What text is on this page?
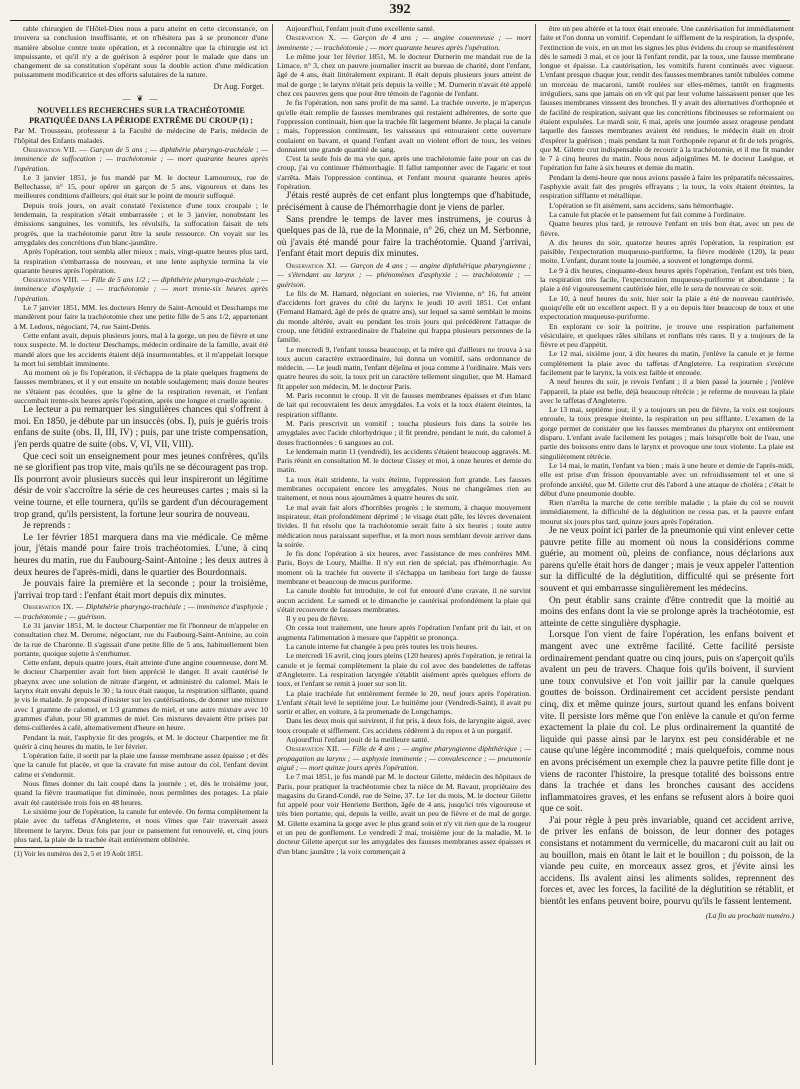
392

rable chirurgien de l'Hôtel-Dieu nous a paru atteint en cette circonstance, on trouvera sa conclusion insuffisante, et on n'hésitera pas à se prononcer d'une manière absolue contre toute opération, et à reconnaître que la chirurgie est ici impuissante, et qu'il n'y a de guérison à espérer pour le malade que dans un changement de sa constitution s'opérant sous la double action d'une médication puissamment modificatrice et des efforts salutaires de la nature.

Dr Aug. Forget.

— ❦ —
NOUVELLES RECHERCHES SUR LA TRACHÉOTOMIE PRATIQUÉE DANS LA PÉRIODE EXTRÊME DU CROUP (1) ;

Par M. Trousseau, professeur à la Faculté de médecine de Paris, médecin de l'hôpital des Enfants malades.

Observation VII. — Garçon de 5 ans ; — diphthérie pharyngo-trachéale ; — imminence de suffocation ; — trachéotomie ; — mort quarante heures après l'opération.

Le 3 janvier 1851, je fus mandé par M. le docteur Lamouroux, rue de Bellechasse, n° 15, pour opérer un garçon de 5 ans, vigoureux et dans les meilleures conditions d'ailleurs, qui était sur le point de mourir suffoqué.

Depuis trois jours, on avait constaté l'existence d'une toux croupale ; le lendemain, la respiration s'était embarrassée ; et le 3 janvier, nonobstant les émissions sanguines, les vomitifs, les révulsifs, la suffocation faisait de tels progrès, que la trachéotomie parut être la seule ressource. On voyait sur les amygdales des concrétions d'un blanc-jaunâtre.

Après l'opération, tout sembla aller mieux ; mais, vingt-quatre heures plus tard, la respiration s'embarrassa de nouveau, et une lente asphyxie termina la vie quarante heures après l'opération.

Observation VIII. — Fille de 5 ans 1/2 ; — diphthérie pharyngo-trachéale ; — imminence d'asphyxie ; — trachéotomie ; — mort trente-six heures après l'opération.

Le 7 janvier 1851, MM. les docteurs Henry de Saint-Arnould et Deschamps me mandèrent pour faire la trachéotomie chez une petite fille de 5 ans 1/2, appartenant à M. Ledoux, négociant, 74, rue Saint-Denis.

Cette enfant avait, depuis plusieurs jours, mal à la gorge, un peu de fièvre et une toux suspecte. M. le docteur Deschamps, médecin ordinaire de la famille, avait été mandé alors que les accidents étaient déjà insurmontables, et il m'appelait lorsque la mort lui semblait imminente.

Au moment où je fis l'opération, il s'échappa de la plaie quelques fragmens de fausses membranes, et il y eut ensuite un notable soulagement; mais douze heures ne s'étaient pas écoulées, que la gêne de la respiration revenait, et l'enfant succombait trente-six heures après l'opération, après une longue et cruelle agonie.

Le lecteur a pu remarquer les singulières chances qui s'offrent à moi. En 1850, je débute par un insuccès (obs. I), puis je guéris trois enfans de suite (obs. II, III, IV) ; puis, par une triste compensation, j'en perds quatre de suite (obs. V, VI, VII, VIII).

Que ceci soit un enseignement pour mes jeunes confrères, qu'ils ne se glorifient pas trop vite, mais qu'ils ne se découragent pas trop. Ils pourront avoir plusieurs succès qui leur inspireront un légitime désir de voir s'accroître la série de ces heureuses cartes ; mais si la veine tourne, et elle tournera, qu'ils se gardent d'un découragement trop grand, qu'ils persistent, la fortune leur sourira de nouveau.

Je reprends :

Le 1er février 1851 marquera dans ma vie médicale. Ce même jour, j'étais mandé pour faire trois trachéotomies. L'une, à cinq heures du matin, rue du Faubourg-Saint-Antoine ; les deux autres à deux heures de l'après-midi, dans le quartier des Bourdonnais.

Je pouvais faire la première et la seconde ; pour la troisième, j'arrivai trop tard : l'enfant était mort depuis dix minutes.

Observation IX. — Diphthérie pharyngo-trachéale ; — imminence d'asphyxie ; — trachéotomie ; — guérison.

Le 31 janvier 1851, M. le docteur Charpentier me fit l'honneur de m'appeler en consultation chez M. Derome, négociant, rue du Faubourg-Saint-Antoine, au coin de la rue de Charonne. Il s'agissait d'une petite fille de 5 ans, habituellement bien portante, quoique sujette à s'enrhumer.

Cette enfant, depuis quatre jours, était atteinte d'une angine couenneuse, dont M. le docteur Charpentier avait fort bien apprécié le danger. Il avait cautérisé le pharynx avec une solution de nitrate d'argent, et administré du calomel. Mais le larynx était envahi depuis le 30 ; la toux était rauque, la respiration sifflante, quand je vis le malade. Je proposai d'insister sur les cautérisations, de donner une mixture avec 1 gramme de calomel, et 1/3 grammes de miel, et une autre mixture avec 10 grammes d'alun, pour 50 grammes de miel. Ces mixtures devaient être prises par demi-cuillerées à café, alternativement d'heure en heure.

Pendant la nuit, l'asphyxie fit des progrès, et M. le docteur Charpentier me fit quérir à cinq heures du matin, le 1er février.

L'opération faite, il sortit par la plaie une fausse membrane assez épaisse ; et dès que la canule fut placée, et que la cravate fut mise autour du col, l'enfant devint calme et s'endormit.

Nous fîmes donner du lait coupé dans la journée ; et, dès le troisième jour, quand la fièvre traumatique fut diminuée, nous permîmes des potages. La plaie avait été cautérisée trois fois en 48 heures.

Le sixième jour de l'opération, la canule fut enlevée. On ferma complètement la plaie avec du taffetas d'Angleterre, et nous vîmes que l'air traversait assez librement le larynx. Deux fois par jour ce pansement fut renouvelé, et, cinq jours plus tard, la plaie de la trachée était entièrement oblitérée.

(1) Voir les numéros des 2, 5 et 19 Août 1851.

Aujourd'hui, l'enfant jouit d'une excellente santé.

Observation X. — Garçon de 4 ans ; — angine couenneuse ; — mort imminente ; — trachéotomie ; — mort quarante heures après l'opération.

Le même jour 1er février 1851, M. le docteur Durnerin me mandait rue de la Limace, n° 3, chez un pauvre journalier inscrit au bureau de charité, dont l'enfant, âgé de 4 ans, était littéralement expirant. Il était depuis plusieurs jours atteint de mal de gorge ; le larynx n'était pris depuis la veille ; M. Durnerin n'avait été appelé chez ces pauvres gens que pour être témoin de l'agonie de l'enfant.

Je fis l'opération, non sans profit de ma santé. La trachée ouverte, je m'aperçus qu'elle était remplie de fausses membranes qui restaient adhérentes, de sorte que l'oppression continuait, bien que la trachée fût largement béante. Je plaçai la canule ; mais, l'oppression continuant, les vaisseaux qui entouraient cette ouverture coulaient en bavant, et quand l'enfant avait un violent effort de toux, les veines donnaient une grande quantité de sang.

C'est la seule fois de ma vie que, après une trachéotomie faite pour un cas de croup, j'ai vu continuer l'hémorrhagie. Il fallut tamponner avec de l'agaric et tout s'arrêta. Mais l'oppression continua, et l'enfant mourut quarante heures après l'opération.

J'étais resté auprès de cet enfant plus longtemps que d'habitude, précisément à cause de l'hémorrhagie dont je viens de parler.

Sans prendre le temps de laver mes instrumens, je courus à quelques pas de là, rue de la Monnaie, n° 26, chez un M. Serbonne, où j'avais été mandé pour faire la trachéotomie. Quand j'arrivai, l'enfant était mort depuis dix minutes.

Observation XI. — Garçon de 4 ans ; — angine diphthérique pharyngienne ; — s'étendant au larynx ; — phénomènes d'asphyxie ; — trachéotomie ; — guérison.

Le fils de M. Hamard, négociant en soieries, rue Vivienne, n° 16, fut atteint d'accidents fort graves du côté du larynx le jeudi 10 avril 1851. Cet enfant (Fernand Hamard, âgé de près de quatre ans), sur lequel sa santé semblait le moins du monde altérée, avait eu pendant les trois jours qui précédèrent l'attaque de croup, une fétidité extraordinaire de l'haleine qui frappa plusieurs personnes de la famille.

Le mercredi 9, l'enfant toussa beaucoup, et la mère qui d'ailleurs ne trouva à sa toux aucun caractère extraordinaire, lui donna un vomitif, sans ordonnance de médecin. — Le jeudi matin, l'enfant déjeûna et joua comme à l'ordinaire. Mais vers quatre heures du soir, la toux prit un caractère tellement singulier, que M. Hamard fit appeler son médecin, M. le docteur Paris.

M. Paris reconnut le croup. Il vit de fausses membranes épaisses et d'un blanc de lait qui recouvraient les deux amygdales. La voix et la toux étaient éteintes, la respiration sifflante.

M. Paris prescrivit un vomitif ; toucha plusieurs fois dans la soirée les amygdales avec l'acide chlorhydrique ; il fit prendre, pendant le nuit, du calomel à doses fractionnées : 6 sangsues au col.

Le lendemain matin 11 (vendredi), les accidents s'étaient beaucoup aggravés. M. Paris réunit en consultation M. le docteur Cissey et moi, à onze heures et demie du matin.

La toux était stridente, la voix éteinte, l'oppression fort grande. Les fausses membranes occupaient encore les amygdales. Nous ne changeâmes rien au traitement, et nous nous ajournâmes à quatre heures du soir.

Le mal avait fait alors d'horribles progrès ; le sternum, à chaque mouvement inspirateur, était profondément déprimé ; le visage était pâle, les lèvres devenaient livides. Il fut résolu que la trachéotomie serait faite à six heures ; toute autre médication nous paraissant superflue, et la mort nous semblant devoir arriver dans la soirée.

Je fis donc l'opération à six heures, avec l'assistance de mes confrères MM. Paris, Boys de Loury, Mailhe. Il n'y eut rien de spécial, pas d'hémorrhagie. Au moment où la trachée fut ouverte il s'échappa un lambeau fort large de fausse membrane et beaucoup de mucus puriforme.

La canule double fut introduite, le col fut entouré d'une cravate, il ne survint aucun accident. Le samedi et le dimanche je cautérisai profondément la plaie qui s'était recouverte de fausses membranes.

Il y eu peu de fièvre.

On cessa tout traitement, une heure après l'opération l'enfant prit du lait, et on augmenta l'alimentation à mesure que l'appétit se prononça.

La canule interne fut changée à peu près toutes les trois heures.

Le mercredi 16 avril, cinq jours pleins (120 heures) après l'opération, je retirai la canule et je fermai complètement la plaie du col avec des bandelettes de taffetas d'Angleterre. La respiration laryngée s'établit aisément après quelques efforts de toux, et l'enfant se remit à jouer sur son lit.

La plaie trachéale fut entièrement fermée le 20, neuf jours après l'opération. L'enfant s'était levé le septième jour. Le huitième jour (Vendredi-Saint), il avait pu sortir et aller, en voiture, à la promenade de Longchamps.

Dans les deux mois qui suivirent, il fut pris, à deux fois, de laryngite aiguë, avec toux croupale et sifflement. Ces accidens cédèrent à du repos et à un purgatif.

Aujourd'hui l'enfant jouit de la meilleure santé.

Observation XII. — Fille de 4 ans ; — angine pharyngienne diphthérique ; — propagation au larynx ; — asphyxie imminente ; — convalescence ; — pneumonie aiguë ; — mort quinze jours après l'opération.

Le 7 mai 1851, je fus mandé par M. le docteur Gilette, médecin des hôpitaux de Paris, pour pratiquer la trachéotomie chez la nièce de M. Ravaut, propriétaire des magasins du Grand-Condé, rue de Seine, 37. Le 1er du mois, M. le docteur Gilette fut appelé pour voir Henriette Berthon, âgée de 4 ans, jusqu'ici très vigoureuse et très bien portante, qui, depuis la veille, avait un peu de fièvre et de mal de gorge. M. Gilette examina la gorge avec le plus grand soin et n'y vit rien que de la rougeur et un peu de gonflement. Le vendredi 2 mai, troisième jour de la maladie, M. le docteur Gilette aperçut sur les amygdales des fausses membranes assez épaisses et d'un blanc jaunâtre ; la voix commençait à

être un peu altérée et la toux était enrouée. Une cautérisation fut immédiatement faite et l'on donna un vomitif. Cependant le sifflement de la respiration, la dyspnée, l'extinction de voix, en un mot les signes les plus évidens du croup se manifestèrent dès le samedi 3 mai, et ce jour là l'enfant rendit, par la toux, une fausse membrane longue et épaisse. La cautérisation, les vomitifs furent continués avec vigueur. L'enfant presque chaque jour, rendit des fausses membranes tantôt tubulées comme un morceau de macaroni, tantôt roulées sur elles-mêmes, tantôt en fragments irréguliers, sans que jamais on en vît qui par leur volume laissassent penser que les fausses membranes vinssent des bronches. Il y avait des alternatives d'orthopnée et de facilité de respiration, suivant que les concrétions fibrineuses se reformaient ou étaient expulsées. Le mardi soir, 6 mai, après une journée assez orageuse pendant laquelle des fausses membranes avaient été rendues, le médecin était en droit d'espérer la guérison ; mais pendant la nuit l'orthopnée reparut et fit de tels progrès, que M. Gilette crut indispensable de recourir à la trachéotomie, et il me fit mander le 7 à cinq heures du matin. Nous nous adjoignîmes M. le docteur Lasègue, et l'opération fut faite à six heures et demie du matin.

Pendant la demi-heure que nous avions passée à faire les préparatifs nécessaires, l'asphyxie avait fait des progrès effrayans ; la toux, la voix étaient éteintes, la respiration sifflante et métallique.

L'opération se fit aisément, sans accidens, sans hémorrhagie.

La canule fut placée et le pansement fut fait comme à l'ordinaire.

Quatre heures plus tard, je retrouve l'enfant en très bon état, avec un peu de fièvre.

A dix heures du soir, quatorze heures après l'opération, la respiration est paisible, l'expectoration muqueuso-puriforme, la fièvre modérée (120), la peau moite. L'enfant, durant toute la journée, a souvent et longtemps dormi.

Le 9 à dix heures, cinquante-deux heures après l'opération, l'enfant est très bien, la respiration très facile, l'expectoration muqueuso-puriforme et abondante ; la plaie a été vigoureusement cautérisée hier, elle le sera de nouveau ce soir.

Le 10, à neuf heures du soir, hier soir la plaie a été de nouveau cautérisée, quoiqu'elle eût un excellent aspect. Il y a eu depuis hier beaucoup de toux et une expectoration muqueuso-puriforme.

En explorant ce soir la poitrine, je trouve une respiration parfaitement vésiculaire, et quelques râles sibilans et ronflans très rares. Il y a toujours de la fièvre et peu d'appétit.

Le 12 mai, sixième jour, à dix heures du matin, j'enlève la canule et je ferme complètement la plaie avec du taffetas d'Angleterre. La respiration s'exécute facilement par le larynx, la voix est faible et enrouée.

A neuf heures du soir, je revois l'enfant ; il a bien passé la journée ; j'enlève l'appareil, la plaie est belle, déjà beaucoup rétrécie ; je referme de nouveau la plaie avec le taffetas d'Angleterre.

Le 13 mai, septième jour, il y a toujours un peu de fièvre, la voix est toujours enrouée, la toux presque éteinte, la respiration un peu sifflante. L'examen de la gorge permet de constater que les fausses membranes du pharynx ont entièrement disparu. L'enfant avale facilement les potages ; mais lorsqu'elle boit de l'eau, une partie des boissons entre dans le larynx et provoque une toux violente. La plaie est singulièrement rétrécie.

Le 14 mai, le matin, l'enfant va bien ; mais à une heure et demie de l'après-midi, elle est prise d'un frisson épouvantable avec un refroidissement tel et une si profonde anxiété, que M. Gilette crut dès l'abord à une attaque de choléra ; c'était le début d'une pneumonie double.

Rien n'arrêta la marche de cette terrible maladie ; la plaie du col se rouvrit immédiatement, la difficulté de la déglutition ne cessa pas, et la pauvre enfant mourut six jours plus tard, quinze jours après l'opération.

Je ne veux point ici parler de la pneumonie qui vint enlever cette pauvre petite fille au moment où nous la considérions comme guérie, au moment où, pleins de confiance, nous déclarions aux parens qu'elle était hors de danger ; mais je veux appeler l'attention sur la difficulté de la déglutition, difficulté qui se présente fort souvent et qui embarrasse singulièrement les médecins.

On peut établir sans crainte d'être contredit que la moitié au moins des enfans dont la vie se prolonge après la trachéotomie, est atteinte de cette singulière dysphagie.

Lorsque l'on vient de faire l'opération, les enfans boivent et mangent avec une extrême facilité. Cette facilité persiste ordinairement pendant quatre ou cinq jours, puis on s'aperçoit qu'ils avalent un peu de travers. Chaque fois qu'ils boivent, il survient une toux convulsive et l'on voit jaillir par la canule quelques gouttes de boisson. Ordinairement cet accident persiste pendant cinq, dix et même quinze jours, surtout quand les enfans boivent vite. Il persiste lors même que l'on enlève la canule et qu'on ferme exactement la plaie du col. Le plus ordinairement la quantité de liquide qui passe ainsi par le larynx est peu considérable et ne cause qu'une légère incommodité ; mais quelquefois, comme nous en avons précisément un exemple chez la pauvre petite fille dont je viens de raconter l'histoire, la presque totalité des boissons entre dans la trachée et dans les bronches causant des accidens inflammatoires graves, et les enfans se refusent alors à boire quoi que ce soit.

J'ai pour règle à peu près invariable, quand cet accident arrive, de priver les enfans de boisson, de leur donner des potages consistans et notamment du vermicelle, du macaroni cuit au lait ou au bouillon, mais en ôtant le lait et le bouillon ; du poisson, de la viande peu cuite, en morceaux assez gros, et j'évite ainsi les accidens. Ils avalent ainsi les aliments solides, reprennent des forces et, avec les forces, la facilité de la déglutition se rétablit, et bientôt les enfans peuvent boire, pourvu qu'ils le fassent lentement.

(La fin au prochain numéro.)
